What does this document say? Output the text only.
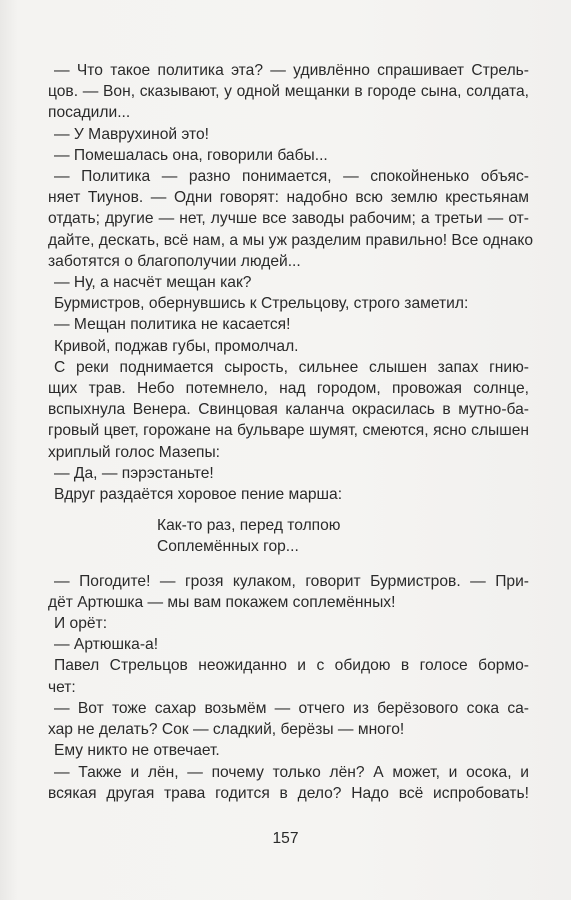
— Что такое политика эта? — удивлённо спрашивает Стрель-
цов. — Вон, сказывают, у одной мещанки в городе сына, солдата,
посадили...
— У Маврухиной это!
— Помешалась она, говорили бабы...
— Политика — разно понимается, — спокойненько объяс-
няет Тиунов. — Одни говорят: надобно всю землю крестьянам
отдать; другие — нет, лучше все заводы рабочим; а третьи — от-
дайте, дескать, всё нам, а мы уж разделим правильно! Все однако
заботятся о благополучии людей...
— Ну, а насчёт мещан как?
Бурмистров, обернувшись к Стрельцову, строго заметил:
— Мещан политика не касается!
Кривой, поджав губы, промолчал.
С реки поднимается сырость, сильнее слышен запах гнию-
щих трав. Небо потемнело, над городом, провожая солнце,
вспыхнула Венера. Свинцовая каланча окрасилась в мутно-ба-
гровый цвет, горожане на бульваре шумят, смеются, ясно слышен
хриплый голос Мазепы:
— Да, — пэрэстаньте!
Вдруг раздаётся хоровое пение марша:
Как-то раз, перед толпою
Соплемённых гор...
— Погодите! — грозя кулаком, говорит Бурмистров. — При-
дёт Артюшка — мы вам покажем соплемённых!
И орёт:
— Артюшка-а!
Павел Стрельцов неожиданно и с обидою в голосе бормо-
чет:
— Вот тоже сахар возьмём — отчего из берёзового сока са-
хар не делать? Сок — сладкий, берёзы — много!
Ему никто не отвечает.
— Также и лён, — почему только лён? А может, и осока, и
всякая другая трава годится в дело? Надо всё испробовать!
157
